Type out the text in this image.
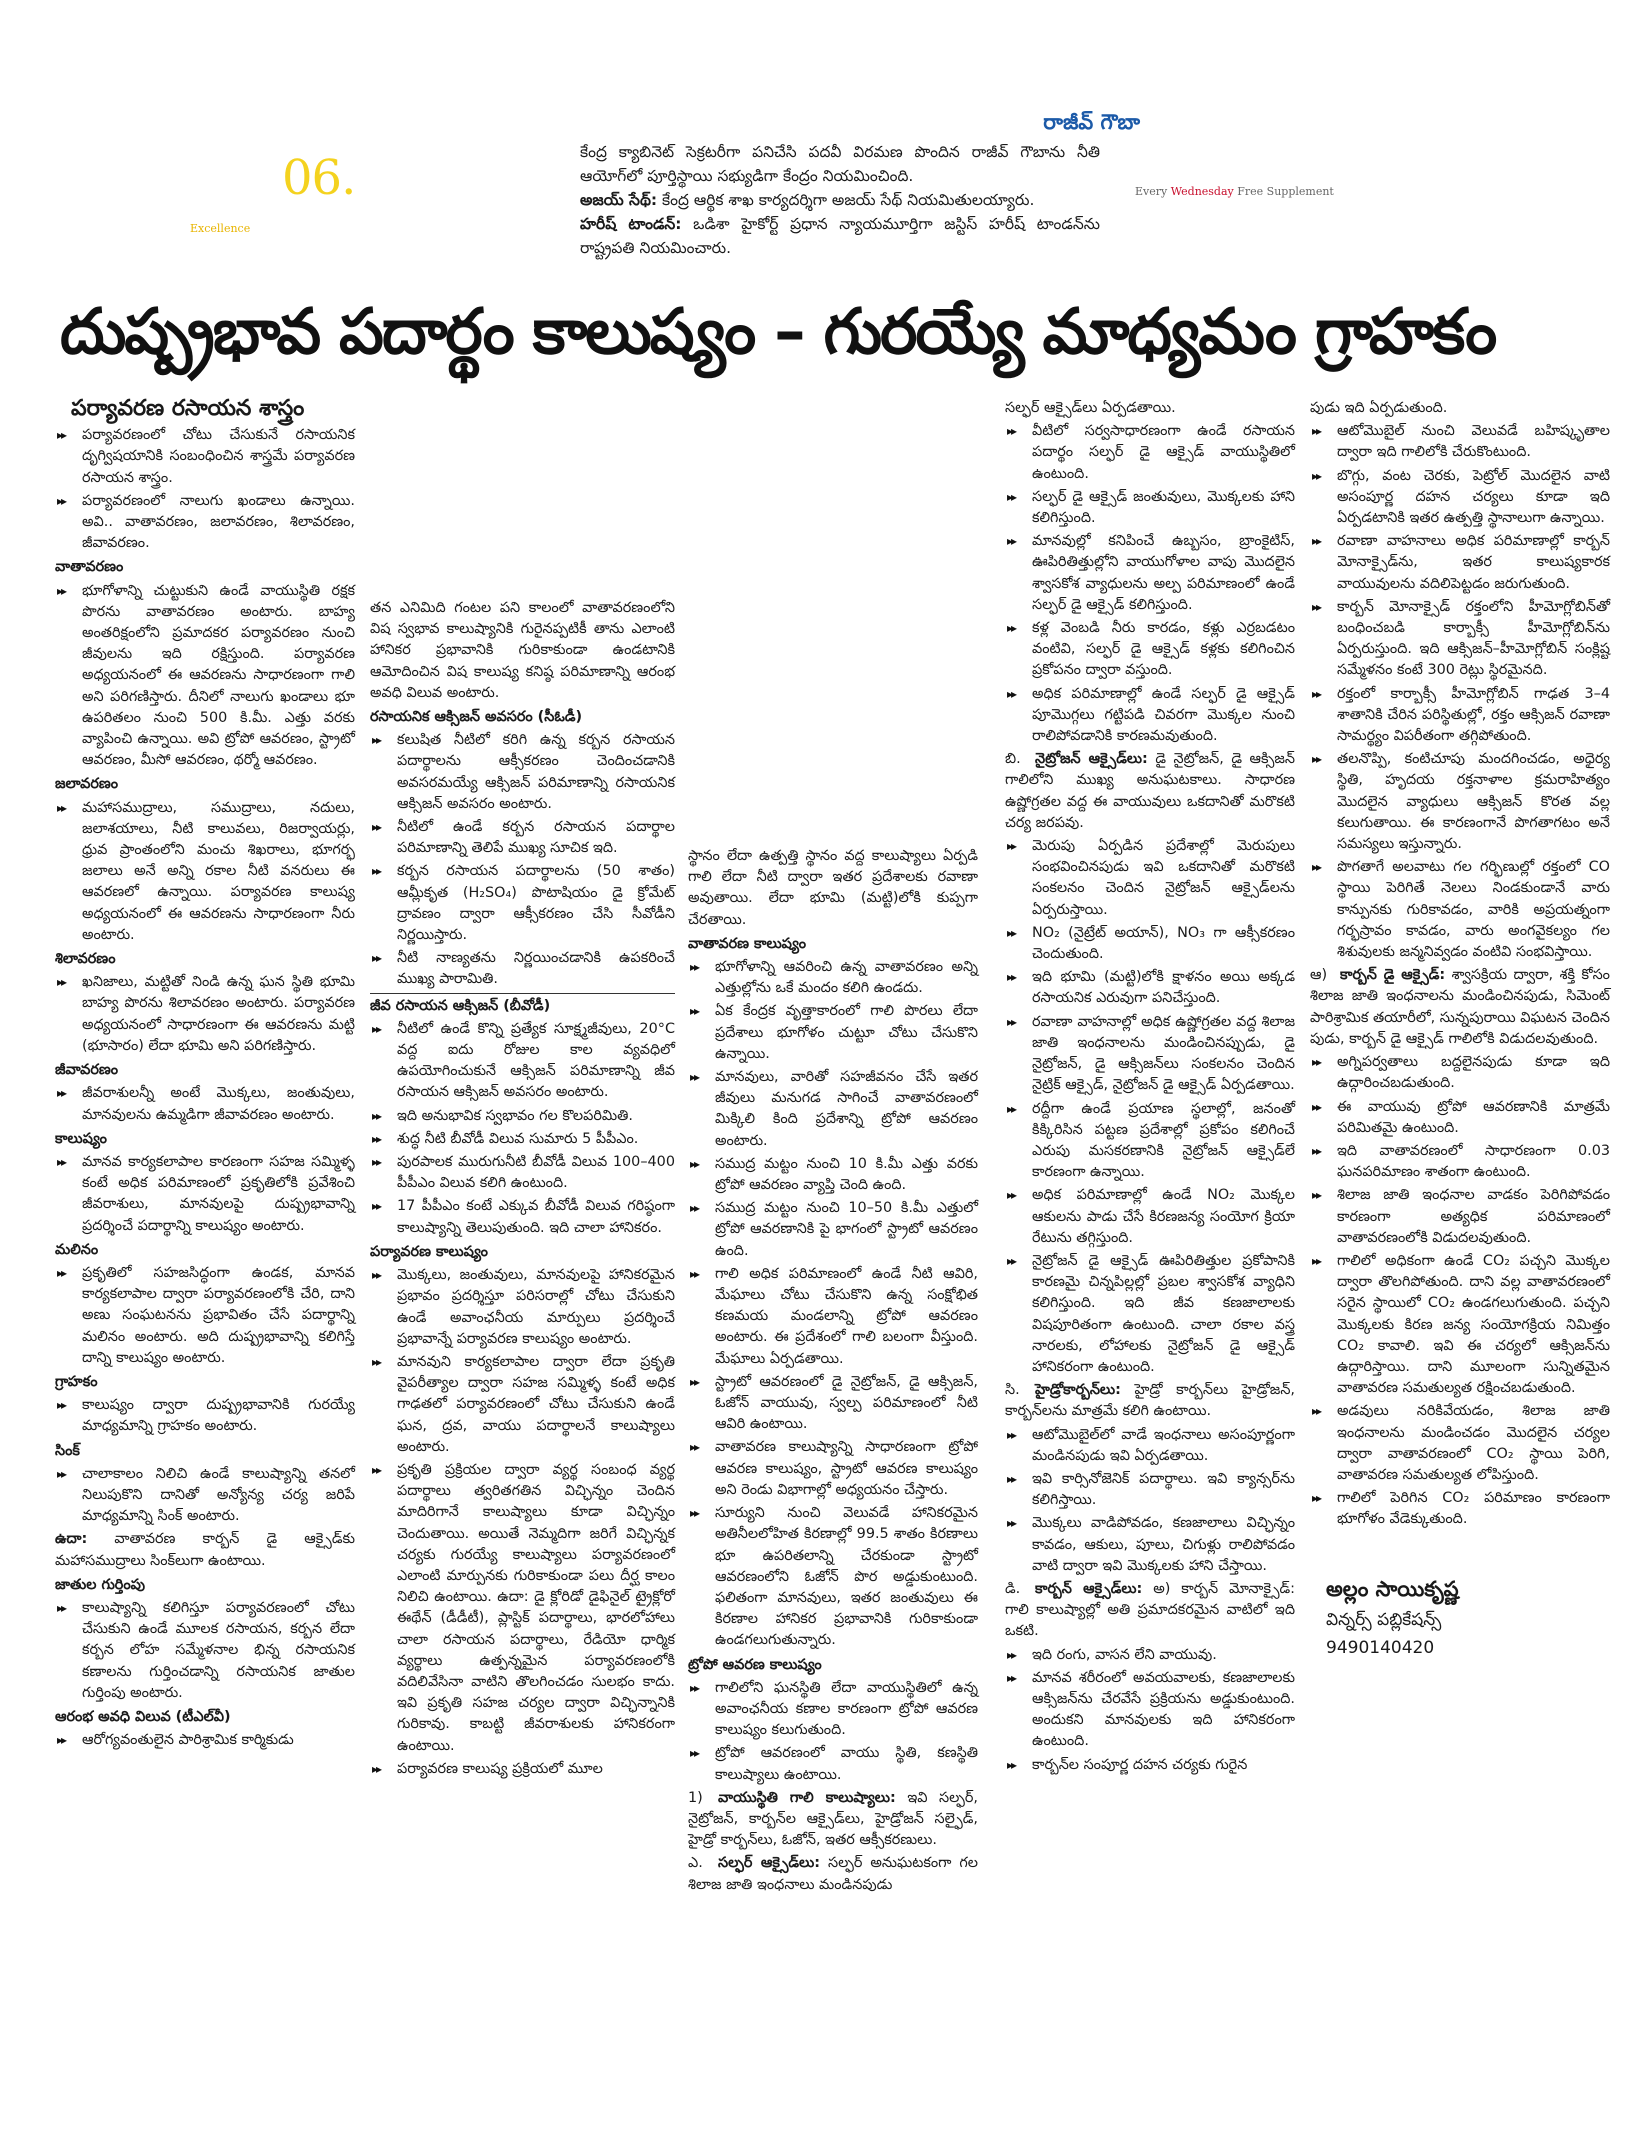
06.
Excellence
Every Wednesday Free Supplement
రాజీవ్ గౌబా

కేంద్ర క్యాబినెట్ సెక్రటరీగా పనిచేసి పదవీ విరమణ పొందిన రాజీవ్ గౌబాను నీతి ఆయోగ్‌లో పూర్తిస్థాయి సభ్యుడిగా కేంద్రం నియమించింది.

అజయ్ సేథ్: కేంద్ర ఆర్థిక శాఖ కార్యదర్శిగా అజయ్ సేథ్ నియమితులయ్యారు.

హరీష్ టాండన్: ఒడిశా హైకోర్ట్ ప్రధాన న్యాయమూర్తిగా జస్టిస్ హరీష్ టాండన్‌ను రాష్ట్రపతి నియమించారు.

దుష్ప్రభావ పదార్థం కాలుష్యం – గురయ్యే మాధ్యమం గ్రాహకం
పర్యావరణ రసాయన శాస్త్రం
▸▸ పర్యావరణంలో చోటు చేసుకునే రసాయనిక దృగ్విషయానికి సంబంధించిన శాస్త్రమే పర్యావరణ రసాయన శాస్త్రం.
▸▸ పర్యావరణంలో నాలుగు ఖండాలు ఉన్నాయి. అవి.. వాతావరణం, జలావరణం, శిలావరణం, జీవావరణం.
వాతావరణం
▸▸ భూగోళాన్ని చుట్టుకుని ఉండే వాయుస్థితి రక్షక పొరను వాతావరణం అంటారు. బాహ్య అంతరిక్షంలోని ప్రమాదకర పర్యావరణం నుంచి జీవులను ఇది రక్షిస్తుంది. పర్యావరణ అధ్యయనంలో ఈ ఆవరణను సాధారణంగా గాలి అని పరిగణిస్తారు. దీనిలో నాలుగు ఖండాలు భూ ఉపరితలం నుంచి 500 కి.మీ. ఎత్తు వరకు వ్యాపించి ఉన్నాయి. అవి ట్రోపో ఆవరణం, స్ట్రాటో ఆవరణం, మీసో ఆవరణం, థర్మో ఆవరణం.
జలావరణం
▸▸ మహాసముద్రాలు, సముద్రాలు, నదులు, జలాశయాలు, నీటి కాలువలు, రిజర్వాయర్లు, ధ్రువ ప్రాంతంలోని మంచు శిఖరాలు, భూగర్భ జలాలు అనే అన్ని రకాల నీటి వనరులు ఈ ఆవరణలో ఉన్నాయి. పర్యావరణ కాలుష్య అధ్యయనంలో ఈ ఆవరణను సాధారణంగా నీరు అంటారు.
శిలావరణం
▸▸ ఖనిజాలు, మట్టితో నిండి ఉన్న ఘన స్థితి భూమి బాహ్య పొరను శిలావరణం అంటారు. పర్యావరణ అధ్యయనంలో సాధారణంగా ఈ ఆవరణను మట్టి (భూసారం) లేదా భూమి అని పరిగణిస్తారు.
జీవావరణం
▸▸ జీవరాశులన్నీ అంటే మొక్కలు, జంతువులు, మానవులను ఉమ్మడిగా జీవావరణం అంటారు.
కాలుష్యం
▸▸ మానవ కార్యకలాపాల కారణంగా సహజ సమ్మిళ్ళ కంటే అధిక పరిమాణంలో ప్రకృతిలోకి ప్రవేశించి జీవరాశులు, మానవులపై దుష్ప్రభావాన్ని ప్రదర్శించే పదార్థాన్ని కాలుష్యం అంటారు.
మలినం
▸▸ ప్రకృతిలో సహజసిద్ధంగా ఉండక, మానవ కార్యకలాపాల ద్వారా పర్యావరణంలోకి చేరి, దాని అణు సంఘటనను ప్రభావితం చేసే పదార్థాన్ని మలినం అంటారు. అది దుష్ప్రభావాన్ని కలిగిస్తే దాన్ని కాలుష్యం అంటారు.
గ్రాహకం
▸▸ కాలుష్యం ద్వారా దుష్ప్రభావానికి గురయ్యే మాధ్యమాన్ని గ్రాహకం అంటారు.
సింక్
▸▸ చాలాకాలం నిలిచి ఉండే కాలుష్యాన్ని తనలో నిలుపుకొని దానితో అన్యోన్య చర్య జరిపే మాధ్యమాన్ని సింక్ అంటారు.
ఉదా: వాతావరణ కార్బన్ డై ఆక్సైడ్‌కు మహాసముద్రాలు సింక్‌లుగా ఉంటాయి.
జాతుల గుర్తింపు
▸▸ కాలుష్యాన్ని కలిగిస్తూ పర్యావరణంలో చోటు చేసుకుని ఉండే మూలక రసాయన, కర్బన లేదా కర్బన లోహ సమ్మేళనాల భిన్న రసాయనిక కణాలను గుర్తించడాన్ని రసాయనిక జాతుల గుర్తింపు అంటారు.
ఆరంభ అవధి విలువ (టీఎల్‌వీ)
▸▸ ఆరోగ్యవంతులైన పారిశ్రామిక కార్మికుడు
తన ఎనిమిది గంటల పని కాలంలో వాతావరణంలోని విష స్వభావ కాలుష్యానికి గురైనప్పటికీ తాను ఎలాంటి హానికర ప్రభావానికి గురికాకుండా ఉండటానికి ఆమోదించిన విష కాలుష్య కనిష్ఠ పరిమాణాన్ని ఆరంభ అవధి విలువ అంటారు.
రసాయనిక ఆక్సిజన్ అవసరం (సీఓడీ)
▸▸ కలుషిత నీటిలో కరిగి ఉన్న కర్బన రసాయన పదార్థాలను ఆక్సీకరణం చెందించడానికి అవసరమయ్యే ఆక్సిజన్ పరిమాణాన్ని రసాయనిక ఆక్సిజన్ అవసరం అంటారు.
▸▸ నీటిలో ఉండే కర్బన రసాయన పదార్థాల పరిమాణాన్ని తెలిపే ముఖ్య సూచిక ఇది.
▸▸ కర్బన రసాయన పదార్థాలను (50 శాతం) ఆమ్లీకృత (H₂SO₄) పొటాషియం డై క్రోమేట్ ద్రావణం ద్వారా ఆక్సీకరణం చేసి సీవోడీని నిర్ణయిస్తారు.
▸▸ నీటి నాణ్యతను నిర్ణయించడానికి ఉపకరించే ముఖ్య పారామితి.
జీవ రసాయన ఆక్సిజన్ (బీవోడీ)
▸▸ నీటిలో ఉండే కొన్ని ప్రత్యేక సూక్ష్మజీవులు, 20°C వద్ద ఐదు రోజుల కాల వ్యవధిలో ఉపయోగించుకునే ఆక్సిజన్ పరిమాణాన్ని జీవ రసాయన ఆక్సిజన్ అవసరం అంటారు.
▸▸ ఇది అనుభావిక స్వభావం గల కొలపరిమితి.
▸▸ శుద్ధ నీటి బీవోడీ విలువ సుమారు 5 పీపీఎం.
▸▸ పురపాలక మురుగునీటి బీవోడీ విలువ 100–400 పీపీఎం విలువ కలిగి ఉంటుంది.
▸▸ 17 పీపీఎం కంటే ఎక్కువ బీవోడీ విలువ గరిష్ఠంగా కాలుష్యాన్ని తెలుపుతుంది. ఇది చాలా హానికరం.
పర్యావరణ కాలుష్యం
▸▸ మొక్కలు, జంతువులు, మానవులపై హానికరమైన ప్రభావం ప్రదర్శిస్తూ పరిసరాల్లో చోటు చేసుకుని ఉండే అవాంఛనీయ మార్పులు ప్రదర్శించే ప్రభావాన్నే పర్యావరణ కాలుష్యం అంటారు.
▸▸ మానవుని కార్యకలాపాల ద్వారా లేదా ప్రకృతి వైపరీత్యాల ద్వారా సహజ సమ్మిళ్ళ కంటే అధిక గాఢతలో పర్యావరణంలో చోటు చేసుకుని ఉండే ఘన, ద్రవ, వాయు పదార్థాలనే కాలుష్యాలు అంటారు.
▸▸ ప్రకృతి ప్రక్రియల ద్వారా వ్యర్థ సంబంధ వ్యర్థ పదార్థాలు త్వరితగతిన విచ్ఛిన్నం చెందిన మాదిరిగానే కాలుష్యాలు కూడా విచ్ఛిన్నం చెందుతాయి. అయితే నెమ్మదిగా జరిగే విచ్ఛిన్నక చర్యకు గురయ్యే కాలుష్యాలు పర్యావరణంలో ఎలాంటి మార్పునకు గురికాకుండా పలు దీర్ఘ కాలం నిలిచి ఉంటాయి. ఉదా: డై క్లోరిడో డైఫినైల్ ట్రైక్లోరో ఈథేన్ (డీడీటీ), ప్లాస్టిక్ పదార్థాలు, భారలోహాలు చాలా రసాయన పదార్థాలు, రేడియో ధార్మిక వ్యర్థాలు ఉత్పన్నమైన పర్యావరణంలోకి వదిలివేసినా వాటిని తొలగించడం సులభం కాదు. ఇవి ప్రకృతి సహజ చర్యల ద్వారా విచ్ఛిన్నానికి గురికావు. కాబట్టి జీవరాశులకు హానికరంగా ఉంటాయి.
▸▸ పర్యావరణ కాలుష్య ప్రక్రియలో మూల
స్థానం లేదా ఉత్పత్తి స్థానం వద్ద కాలుష్యాలు ఏర్పడి గాలి లేదా నీటి ద్వారా ఇతర ప్రదేశాలకు రవాణా అవుతాయి. లేదా భూమి (మట్టి)లోకి కుప్పగా చేరతాయి.
వాతావరణ కాలుష్యం
▸▸ భూగోళాన్ని ఆవరించి ఉన్న వాతావరణం అన్ని ఎత్తుల్లోను ఒకే మందం కలిగి ఉండదు.
▸▸ ఏక కేంద్రక వృత్తాకారంలో గాలి పొరలు లేదా ప్రదేశాలు భూగోళం చుట్టూ చోటు చేసుకొని ఉన్నాయి.
▸▸ మానవులు, వారితో సహజీవనం చేసే ఇతర జీవులు మనుగడ సాగించే వాతావరణంలో మిక్కిలి కింది ప్రదేశాన్ని ట్రోపో ఆవరణం అంటారు.
▸▸ సముద్ర మట్టం నుంచి 10 కి.మీ ఎత్తు వరకు ట్రోపో ఆవరణం వ్యాప్తి చెంది ఉంది.
▸▸ సముద్ర మట్టం నుంచి 10–50 కి.మీ ఎత్తులో ట్రోపో ఆవరణానికి పై భాగంలో స్ట్రాటో ఆవరణం ఉంది.
▸▸ గాలి అధిక పరిమాణంలో ఉండే నీటి ఆవిరి, మేఘాలు చోటు చేసుకొని ఉన్న సంక్షోభిత కణమయ మండలాన్ని ట్రోపో ఆవరణం అంటారు. ఈ ప్రదేశంలో గాలి బలంగా వీస్తుంది. మేఘాలు ఏర్పడతాయి.
▸▸ స్ట్రాటో ఆవరణంలో డై నైట్రోజన్, డై ఆక్సిజన్, ఓజోన్ వాయువు, స్వల్ప పరిమాణంలో నీటి ఆవిరి ఉంటాయి.
▸▸ వాతావరణ కాలుష్యాన్ని సాధారణంగా ట్రోపో ఆవరణ కాలుష్యం, స్ట్రాటో ఆవరణ కాలుష్యం అని రెండు విభాగాల్లో అధ్యయనం చేస్తారు.
▸▸ సూర్యుని నుంచి వెలువడే హానికరమైన అతినీలలోహిత కిరణాల్లో 99.5 శాతం కిరణాలు భూ ఉపరితలాన్ని చేరకుండా స్ట్రాటో ఆవరణంలోని ఓజోన్ పొర అడ్డుకుంటుంది. ఫలితంగా మానవులు, ఇతర జంతువులు ఈ కిరణాల హానికర ప్రభావానికి గురికాకుండా ఉండగలుగుతున్నారు.
ట్రోపో ఆవరణ కాలుష్యం
▸▸ గాలిలోని ఘనస్థితి లేదా వాయుస్థితిలో ఉన్న అవాంఛనీయ కణాల కారణంగా ట్రోపో ఆవరణ కాలుష్యం కలుగుతుంది.
▸▸ ట్రోపో ఆవరణంలో వాయు స్థితి, కణస్థితి కాలుష్యాలు ఉంటాయి.
1) వాయుస్థితి గాలి కాలుష్యాలు: ఇవి సల్ఫర్, నైట్రోజన్, కార్బన్‌ల ఆక్సైడ్‌లు, హైడ్రోజన్ సల్ఫైడ్, హైడ్రో కార్బన్‌లు, ఓజోన్, ఇతర ఆక్సీకరణులు.
ఎ. సల్ఫర్ ఆక్సైడ్‌లు: సల్ఫర్ అనుఘటకంగా గల శిలాజ జాతి ఇంధనాలు మండినపుడు
సల్ఫర్ ఆక్సైడ్‌లు ఏర్పడతాయి.
▸▸ వీటిలో సర్వసాధారణంగా ఉండే రసాయన పదార్థం సల్ఫర్ డై ఆక్సైడ్ వాయుస్థితిలో ఉంటుంది.
▸▸ సల్ఫర్ డై ఆక్సైడ్ జంతువులు, మొక్కలకు హాని కలిగిస్తుంది.
▸▸ మానవుల్లో కనిపించే ఉబ్బసం, బ్రాంకైటిస్, ఊపిరితిత్తుల్లోని వాయుగోళాల వాపు మొదలైన శ్వాసకోశ వ్యాధులను అల్ప పరిమాణంలో ఉండే సల్ఫర్ డై ఆక్సైడ్ కలిగిస్తుంది.
▸▸ కళ్ల వెంబడి నీరు కారడం, కళ్లు ఎర్రబడటం వంటివి, సల్ఫర్ డై ఆక్సైడ్ కళ్లకు కలిగించిన ప్రకోపనం ద్వారా వస్తుంది.
▸▸ అధిక పరిమాణాల్లో ఉండే సల్ఫర్ డై ఆక్సైడ్ పూమొగ్గలు గట్టిపడి చివరగా మొక్కల నుంచి రాలిపోవడానికి కారణమవుతుంది.
బి. నైట్రోజన్ ఆక్సైడ్‌లు: డై నైట్రోజన్, డై ఆక్సిజన్ గాలిలోని ముఖ్య అనుఘటకాలు. సాధారణ ఉష్ణోగ్రతల వద్ద ఈ వాయువులు ఒకదానితో మరొకటి చర్య జరపవు.
▸▸ మెరుపు ఏర్పడిన ప్రదేశాల్లో మెరుపులు సంభవించినపుడు ఇవి ఒకదానితో మరొకటి సంకలనం చెందిన నైట్రోజన్ ఆక్సైడ్‌లను ఏర్పరుస్తాయి.
▸▸ NO₂ (నైట్రేట్ అయాన్), NO₃ గా ఆక్సీకరణం చెందుతుంది.
▸▸ ఇది భూమి (మట్టి)లోకి క్షాళనం అయి అక్కడ రసాయనిక ఎరువుగా పనిచేస్తుంది.
▸▸ రవాణా వాహనాల్లో అధిక ఉష్ణోగ్రతల వద్ద శిలాజ జాతి ఇంధనాలను మండించినప్పుడు, డై నైట్రోజన్, డై ఆక్సిజన్‌లు సంకలనం చెందిన నైట్రిక్ ఆక్సైడ్, నైట్రోజన్ డై ఆక్సైడ్ ఏర్పడతాయి.
▸▸ రద్దీగా ఉండే ప్రయాణ స్థలాల్లో, జనంతో కిక్కిరిసిన పట్టణ ప్రదేశాల్లో ప్రకోపం కలిగించే ఎరుపు మసకరణానికి నైట్రోజన్ ఆక్సైడ్‌లే కారణంగా ఉన్నాయి.
▸▸ అధిక పరిమాణాల్లో ఉండే NO₂ మొక్కల ఆకులను పాడు చేసే కిరణజన్య సంయోగ క్రియా రేటును తగ్గిస్తుంది.
▸▸ నైట్రోజన్ డై ఆక్సైడ్ ఊపిరితిత్తుల ప్రకోపానికి కారణమై చిన్నపిల్లల్లో ప్రబల శ్వాసకోశ వ్యాధిని కలిగిస్తుంది. ఇది జీవ కణజాలాలకు విషపూరితంగా ఉంటుంది. చాలా రకాల వస్త్ర నారలకు, లోహాలకు నైట్రోజన్ డై ఆక్సైడ్ హానికరంగా ఉంటుంది.
సి. హైడ్రోకార్బన్‌లు: హైడ్రో కార్బన్‌లు హైడ్రోజన్, కార్బన్‌లను మాత్రమే కలిగి ఉంటాయి.
▸▸ ఆటోమొబైల్‌లో వాడే ఇంధనాలు అసంపూర్ణంగా మండినపుడు ఇవి ఏర్పడతాయి.
▸▸ ఇవి కార్సినోజెనిక్ పదార్థాలు. ఇవి క్యాన్సర్‌ను కలిగిస్తాయి.
▸▸ మొక్కలు వాడిపోవడం, కణజాలాలు విచ్ఛిన్నం కావడం, ఆకులు, పూలు, చిగుళ్లు రాలిపోవడం వాటి ద్వారా ఇవి మొక్కలకు హాని చేస్తాయి.
డి. కార్బన్ ఆక్సైడ్‌లు: అ) కార్బన్ మోనాక్సైడ్: గాలి కాలుష్యాల్లో అతి ప్రమాదకరమైన వాటిలో ఇది ఒకటి.
▸▸ ఇది రంగు, వాసన లేని వాయువు.
▸▸ మానవ శరీరంలో అవయవాలకు, కణజాలాలకు ఆక్సిజన్‌ను చేరవేసే ప్రక్రియను అడ్డుకుంటుంది. అందుకని మానవులకు ఇది హానికరంగా ఉంటుంది.
▸▸ కార్బన్‌ల సంపూర్ణ దహన చర్యకు గురైన
పుడు ఇది ఏర్పడుతుంది.
▸▸ ఆటోమొబైల్ నుంచి వెలువడే బహిష్కృతాల ద్వారా ఇది గాలిలోకి చేరుకొంటుంది.
▸▸ బొగ్గు, వంట చెరకు, పెట్రోల్ మొదలైన వాటి అసంపూర్ణ దహన చర్యలు కూడా ఇది ఏర్పడటానికి ఇతర ఉత్పత్తి స్థానాలుగా ఉన్నాయి.
▸▸ రవాణా వాహనాలు అధిక పరిమాణాల్లో కార్బన్ మోనాక్సైడ్‌ను, ఇతర కాలుష్యకారక వాయువులను వదిలిపెట్టడం జరుగుతుంది.
▸▸ కార్బన్ మోనాక్సైడ్ రక్తంలోని హీమోగ్లోబిన్‌తో బంధించబడి కార్బాక్సీ హీమోగ్లోబిన్‌ను ఏర్పరుస్తుంది. ఇది ఆక్సిజన్–హీమోగ్లోబిన్ సంక్లిష్ట సమ్మేళనం కంటే 300 రెట్లు స్థిరమైనది.
▸▸ రక్తంలో కార్బాక్సీ హీమోగ్లోబిన్ గాఢత 3–4 శాతానికి చేరిన పరిస్థితుల్లో, రక్తం ఆక్సిజన్ రవాణా సామర్థ్యం విపరీతంగా తగ్గిపోతుంది.
▸▸ తలనొప్పి, కంటిచూపు మందగించడం, అధైర్య స్థితి, హృదయ రక్తనాళాల క్రమరాహిత్యం మొదలైన వ్యాధులు ఆక్సిజన్ కొరత వల్ల కలుగుతాయి. ఈ కారణంగానే పొగతాగటం అనే సమస్యలు ఇస్తున్నారు.
▸▸ పొగతాగే అలవాటు గల గర్భిణుల్లో రక్తంలో CO స్థాయి పెరిగితే నెలలు నిండకుండానే వారు కాన్పునకు గురికావడం, వారికి అప్రయత్నంగా గర్భస్రావం కావడం, వారు అంగవైకల్యం గల శిశువులకు జన్మనివ్వడం వంటివి సంభవిస్తాయి.
ఆ) కార్బన్ డై ఆక్సైడ్: శ్వాసక్రియ ద్వారా, శక్తి కోసం శిలాజ జాతి ఇంధనాలను మండించినపుడు, సిమెంట్ పారిశ్రామిక తయారీలో, సున్నపురాయి విఘటన చెందిన పుడు, కార్బన్ డై ఆక్సైడ్ గాలిలోకి విడుదలవుతుంది.
▸▸ అగ్నిపర్వతాలు బద్దలైనపుడు కూడా ఇది ఉద్గారించబడుతుంది.
▸▸ ఈ వాయువు ట్రోపో ఆవరణానికి మాత్రమే పరిమితమై ఉంటుంది.
▸▸ ఇది వాతావరణంలో సాధారణంగా 0.03 ఘనపరిమాణం శాతంగా ఉంటుంది.
▸▸ శిలాజ జాతి ఇంధనాల వాడకం పెరిగిపోవడం కారణంగా అత్యధిక పరిమాణంలో వాతావరణంలోకి విడుదలవుతుంది.
▸▸ గాలిలో అధికంగా ఉండే CO₂ పచ్చని మొక్కల ద్వారా తొలగిపోతుంది. దాని వల్ల వాతావరణంలో సరైన స్థాయిలో CO₂ ఉండగలుగుతుంది. పచ్చని మొక్కలకు కిరణ జన్య సంయోగక్రియ నిమిత్తం CO₂ కావాలి. ఇవి ఈ చర్యలో ఆక్సిజన్‌ను ఉద్గారిస్తాయి. దాని మూలంగా సున్నితమైన వాతావరణ సమతుల్యత రక్షించబడుతుంది.
▸▸ అడవులు నరికివేయడం, శిలాజ జాతి ఇంధనాలను మండించడం మొదలైన చర్యల ద్వారా వాతావరణంలో CO₂ స్థాయి పెరిగి, వాతావరణ సమతుల్యత లోపిస్తుంది.
▸▸ గాలిలో పెరిగిన CO₂ పరిమాణం కారణంగా భూగోళం వేడెక్కుతుంది.
అల్లం సాయికృష్ణ
విన్నర్స్ పబ్లికేషన్స్
9490140420
